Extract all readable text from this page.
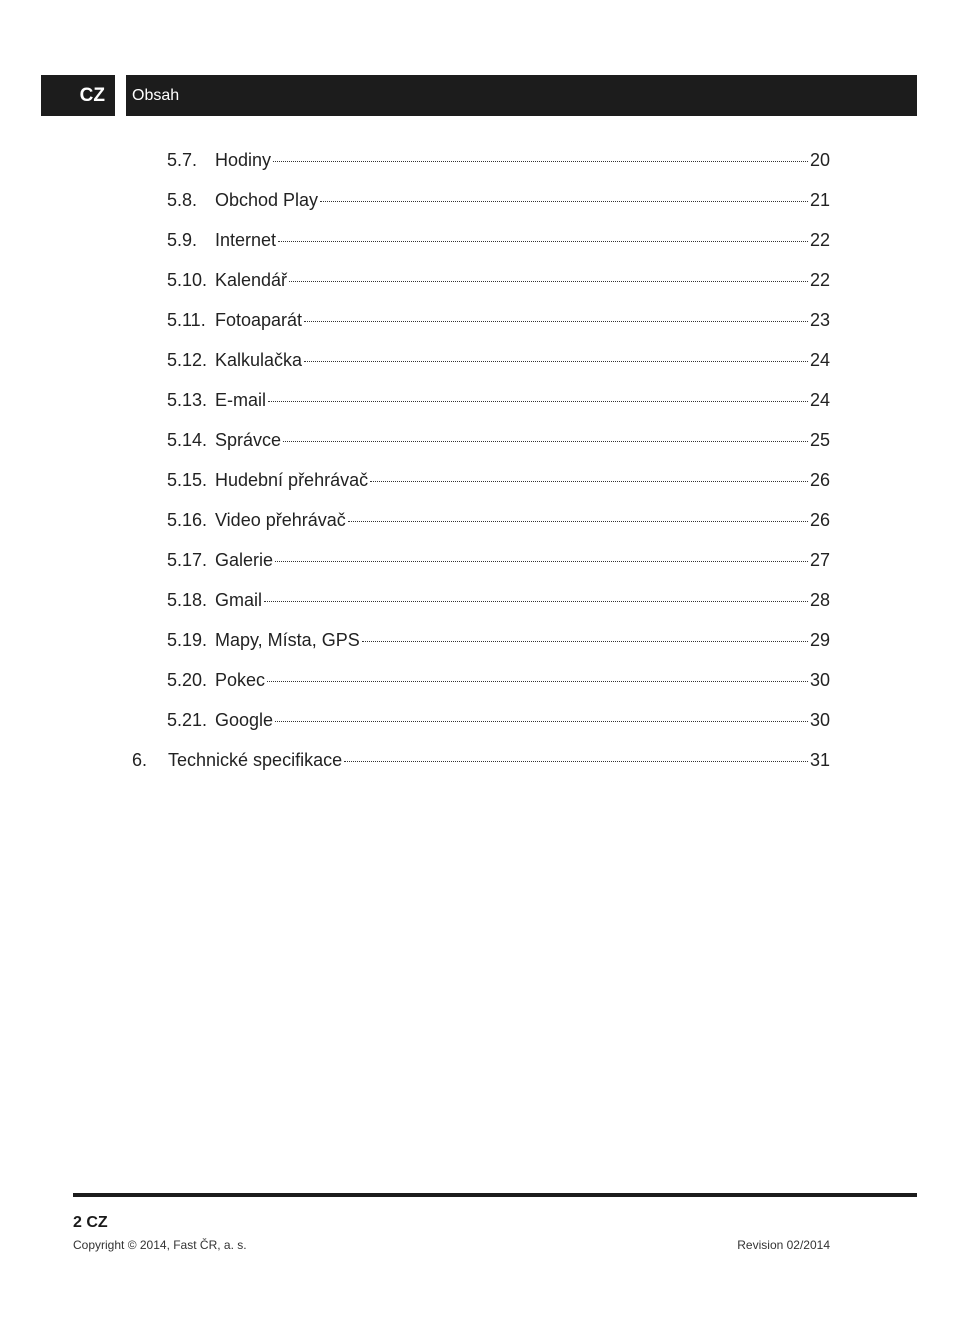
CZ Obsah
5.7. Hodiny	20
5.8. Obchod Play	21
5.9. Internet	22
5.10. Kalendář	22
5.11. Fotoaparát	23
5.12. Kalkulačka	24
5.13. E-mail	24
5.14. Správce	25
5.15. Hudební přehrávač	26
5.16. Video přehrávač	26
5.17. Galerie	27
5.18. Gmail	28
5.19. Mapy, Místa, GPS	29
5.20. Pokec	30
5.21. Google	30
6.	Technické specifikace	31
2 CZ
Copyright © 2014, Fast ČR, a. s.	Revision 02/2014
